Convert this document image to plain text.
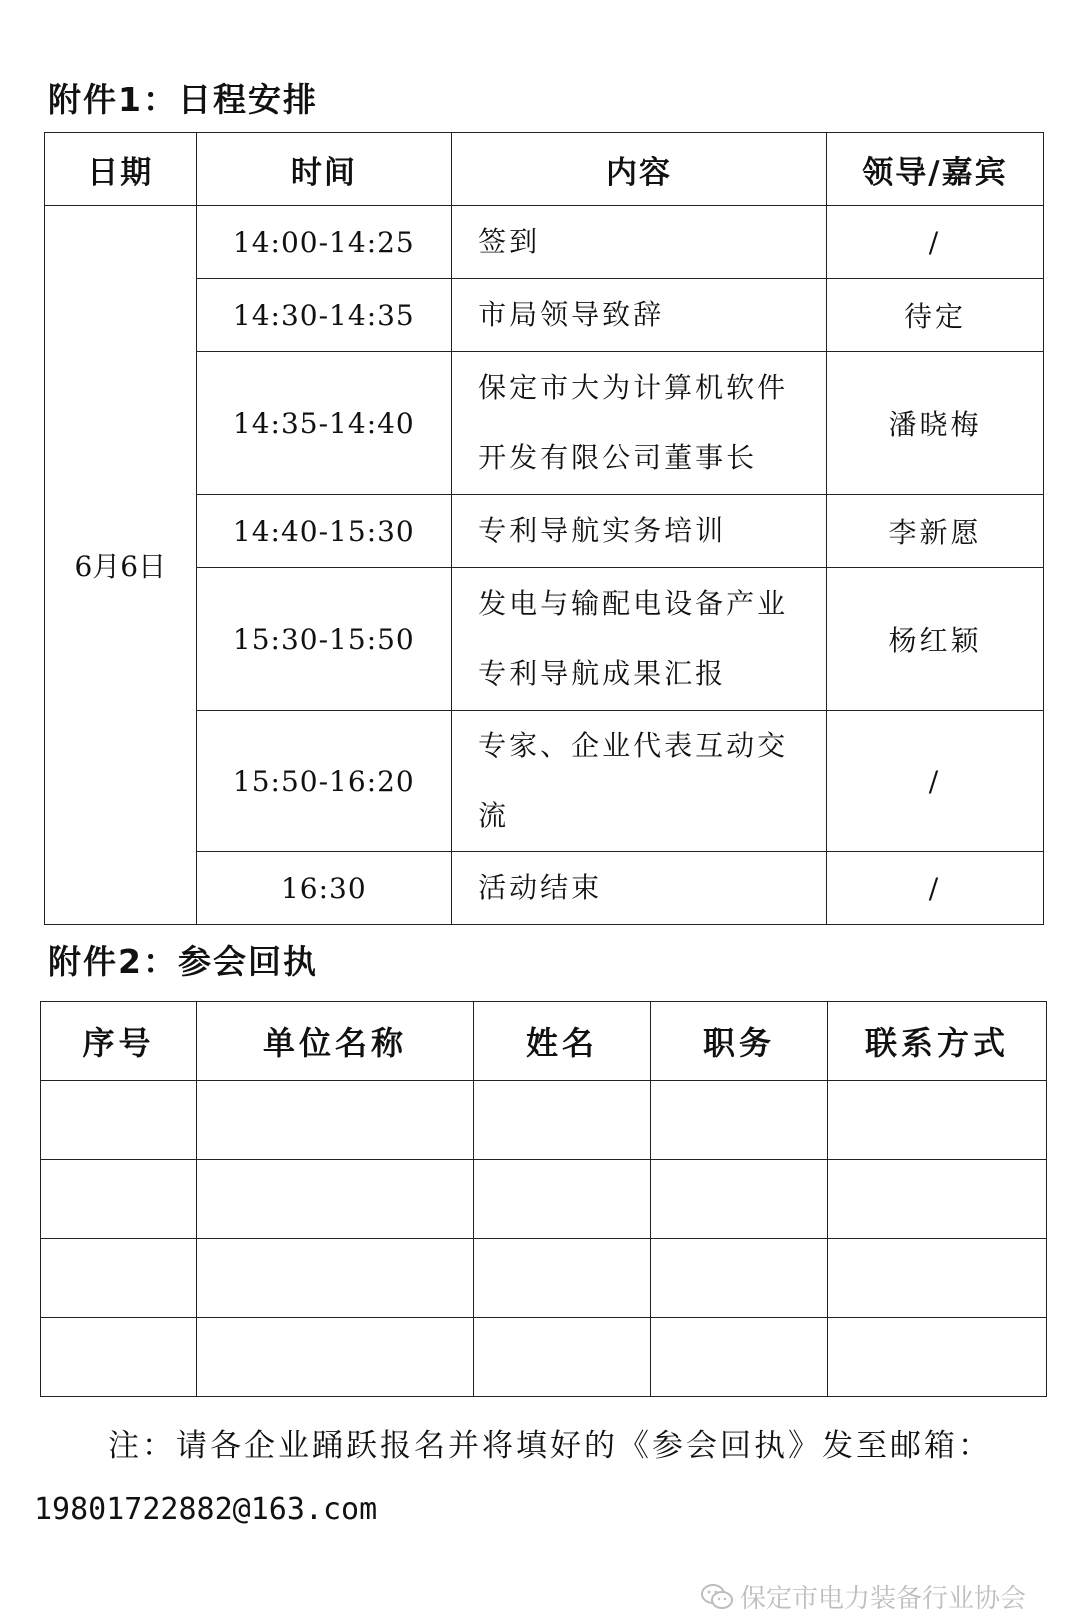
附件1：日程安排
日期	时间	内容	领导/嘉宾
6月6日	14:00-14:25	签到	/
	14:30-14:35	市局领导致辞	待定
	14:35-14:40	保定市大为计算机软件开发有限公司董事长	潘晓梅
	14:40-15:30	专利导航实务培训	李新愿
	15:30-15:50	发电与输配电设备产业专利导航成果汇报	杨红颖
	15:50-16:20	专家、企业代表互动交流	/
	16:30	活动结束	/
附件2：参会回执
序号	单位名称	姓名	职务	联系方式

注：请各企业踊跃报名并将填好的《参会回执》发至邮箱：
19801722882@163.com
保定市电力装备行业协会
